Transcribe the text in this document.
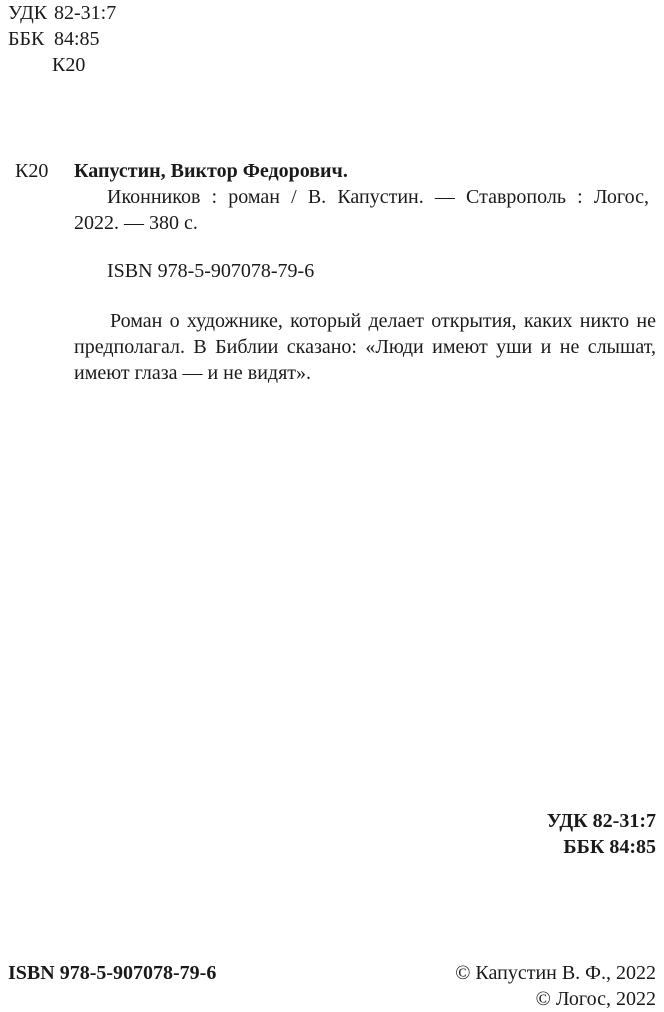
УДК 82-31:7
ББК 84:85
К20
К20 Капустин, Виктор Федорович.
Иконников : роман / В. Капустин. — Ставрополь : Логос,
2022. — 380 с.
ISBN 978-5-907078-79-6
Роман о художнике, который делает открытия, каких никто не
предполагал. В Библии сказано: «Люди имеют уши и не слышат,
имеют глаза — и не видят».
УДК 82-31:7
ББК 84:85
ISBN 978-5-907078-79-6	© Капустин В. Ф., 2022
© Логос, 2022
